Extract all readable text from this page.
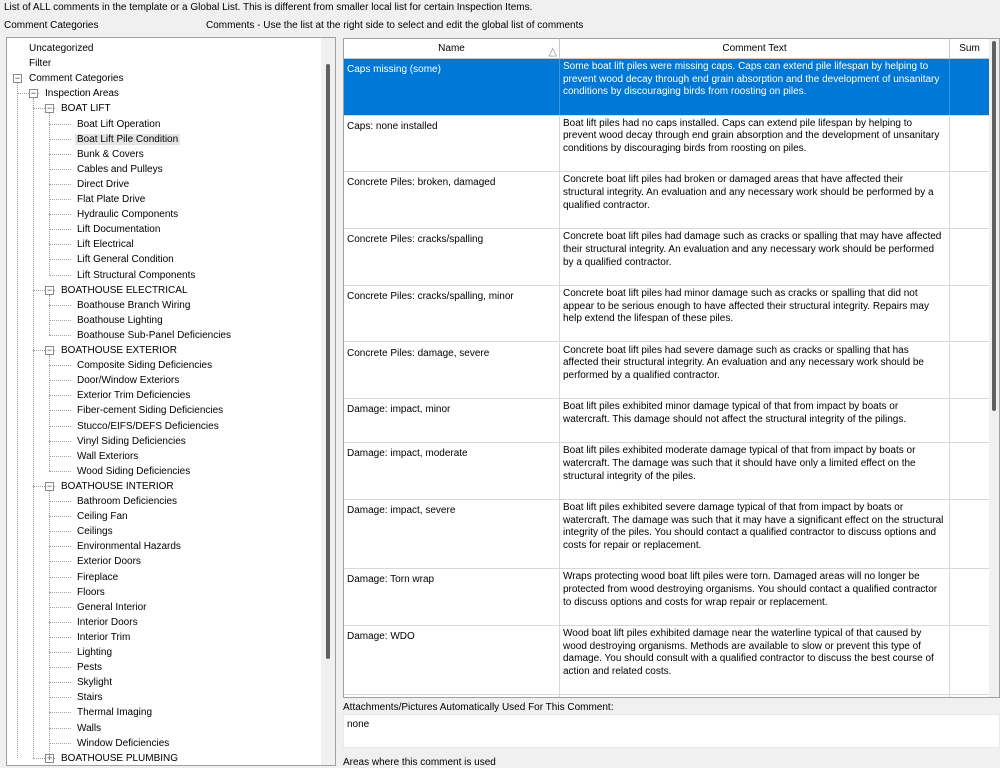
List of ALL comments in the template or a Global List. This is different from smaller local list for certain Inspection Items.
Comment Categories	Comments - Use the list at the right side to select and edit the global list of comments
Uncategorized
Filter
Comment Categories
−
Inspection Areas
−
BOAT LIFT
−
Boat Lift Operation
Boat Lift Pile Condition
Bunk & Covers
Cables and Pulleys
Direct Drive
Flat Plate Drive
Hydraulic Components
Lift Documentation
Lift Electrical
Lift General Condition
Lift Structural Components
BOATHOUSE ELECTRICAL
−
Boathouse Branch Wiring
Boathouse Lighting
Boathouse Sub-Panel Deficiencies
BOATHOUSE EXTERIOR
−
Composite Siding Deficiencies
Door/Window Exteriors
Exterior Trim Deficiencies
Fiber-cement Siding Deficiencies
Stucco/EIFS/DEFS Deficiencies
Vinyl Siding Deficiencies
Wall Exteriors
Wood Siding Deficiencies
BOATHOUSE INTERIOR
−
Bathroom Deficiencies
Ceiling Fan
Ceilings
Environmental Hazards
Exterior Doors
Fireplace
Floors
General Interior
Interior Doors
Interior Trim
Lighting
Pests
Skylight
Stairs
Thermal Imaging
Walls
Window Deficiencies
BOATHOUSE PLUMBING
+
Name	△	Comment Text	Sum
Caps missing (some)	Some boat lift piles were missing caps. Caps can extend pile lifespan by helping to prevent wood decay through end grain absorption and the development of unsanitary conditions by discouraging birds from roosting on piles.
Caps: none installed	Boat lift piles had no caps installed. Caps can extend pile lifespan by helping to prevent wood decay through end grain absorption and the development of unsanitary conditions by discouraging birds from roosting on piles.
Concrete Piles: broken, damaged	Concrete boat lift piles had broken or damaged areas that have affected their structural integrity. An evaluation and any necessary work should be performed by a qualified contractor.
Concrete Piles: cracks/spalling	Concrete boat lift piles had damage such as cracks or spalling that may have affected their structural integrity. An evaluation and any necessary work should be performed by a qualified contractor.
Concrete Piles: cracks/spalling, minor	Concrete boat lift piles had minor damage such as cracks or spalling that did not appear to be serious enough to have affected their structural integrity. Repairs may help extend the lifespan of these piles.
Concrete Piles: damage, severe	Concrete boat lift piles had severe damage such as cracks or spalling that has affected their structural integrity. An evaluation and any necessary work should be performed by a qualified contractor.
Damage: impact, minor	Boat lift piles exhibited minor damage typical of that from impact by boats or watercraft. This damage should not affect the structural integrity of the pilings.
Damage: impact, moderate	Boat lift piles exhibited moderate damage typical of that from impact by boats or watercraft. The damage was such that it should have only a limited effect on the structural integrity of the piles.
Damage: impact, severe	Boat lift piles exhibited severe damage typical of that from impact by boats or watercraft. The damage was such that it may have a significant effect on the structural integrity of the piles. You should contact a qualified contractor to discuss options and costs for repair or replacement.
Damage: Torn wrap	Wraps protecting wood boat lift piles were torn. Damaged areas will no longer be protected from wood destroying organisms. You should contact a qualified contractor to discuss options and costs for wrap repair or replacement.
Damage: WDO	Wood boat lift piles exhibited damage near the waterline typical of that caused by wood destroying organisms. Methods are available to slow or prevent this type of damage. You should consult with a qualified contractor to discuss the best course of action and related costs.
Attachments/Pictures Automatically Used For This Comment:
none
Areas where this comment is used
